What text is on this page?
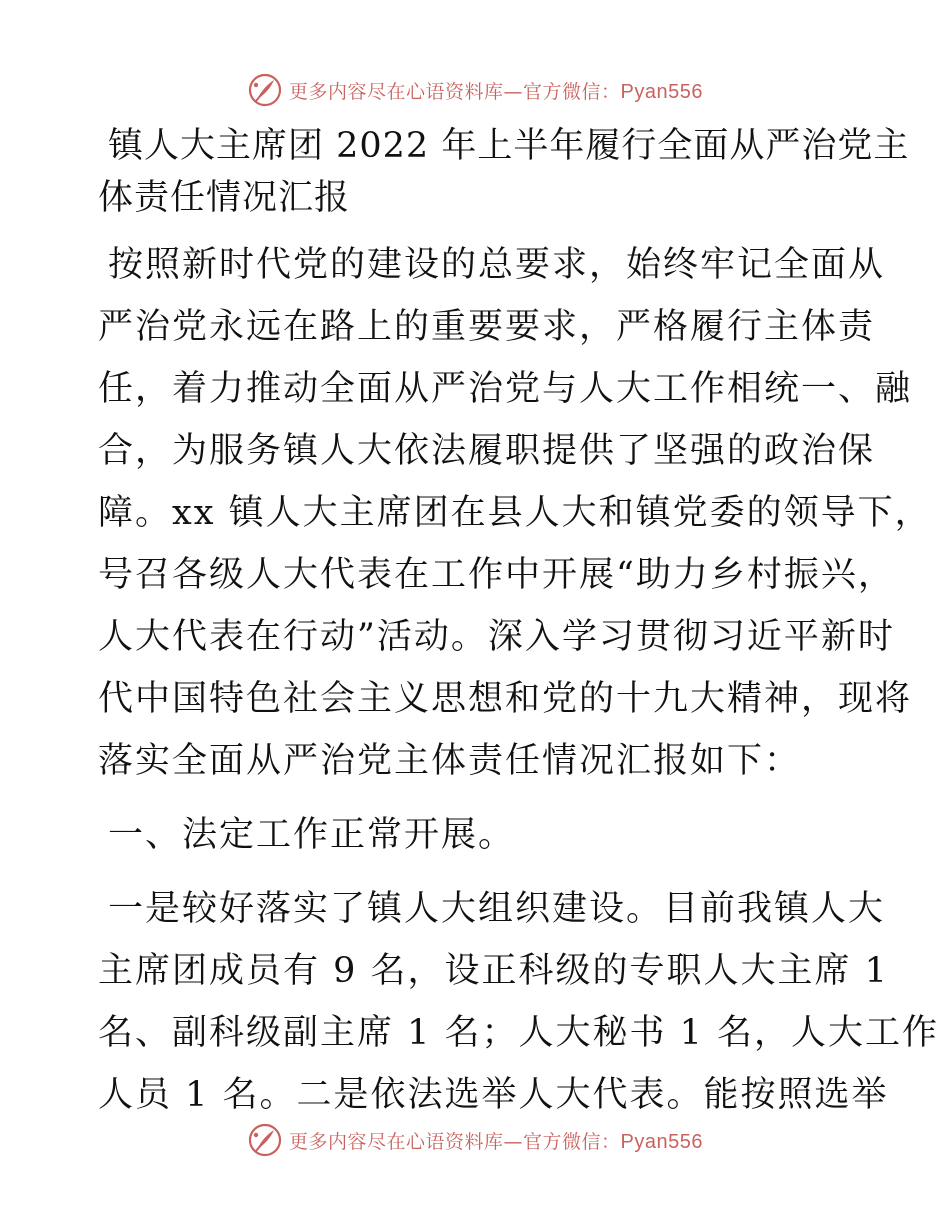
更多内容尽在心语资料库—官方微信：Pyan556
镇人大主席团 2022 年上半年履行全面从严治党主
体责任情况汇报

按照新时代党的建设的总要求，始终牢记全面从
严治党永远在路上的重要要求，严格履行主体责
任，着力推动全面从严治党与人大工作相统一、融
合，为服务镇人大依法履职提供了坚强的政治保
障。xx 镇人大主席团在县人大和镇党委的领导下，
号召各级人大代表在工作中开展“助力乡村振兴，
人大代表在行动”活动。深入学习贯彻习近平新时
代中国特色社会主义思想和党的十九大精神，现将
落实全面从严治党主体责任情况汇报如下：

一、法定工作正常开展。

一是较好落实了镇人大组织建设。目前我镇人大
主席团成员有 9 名，设正科级的专职人大主席 1
名、副科级副主席 1 名；人大秘书 1 名，人大工作
人员 1 名。二是依法选举人大代表。能按照选举

更多内容尽在心语资料库—官方微信：Pyan556
